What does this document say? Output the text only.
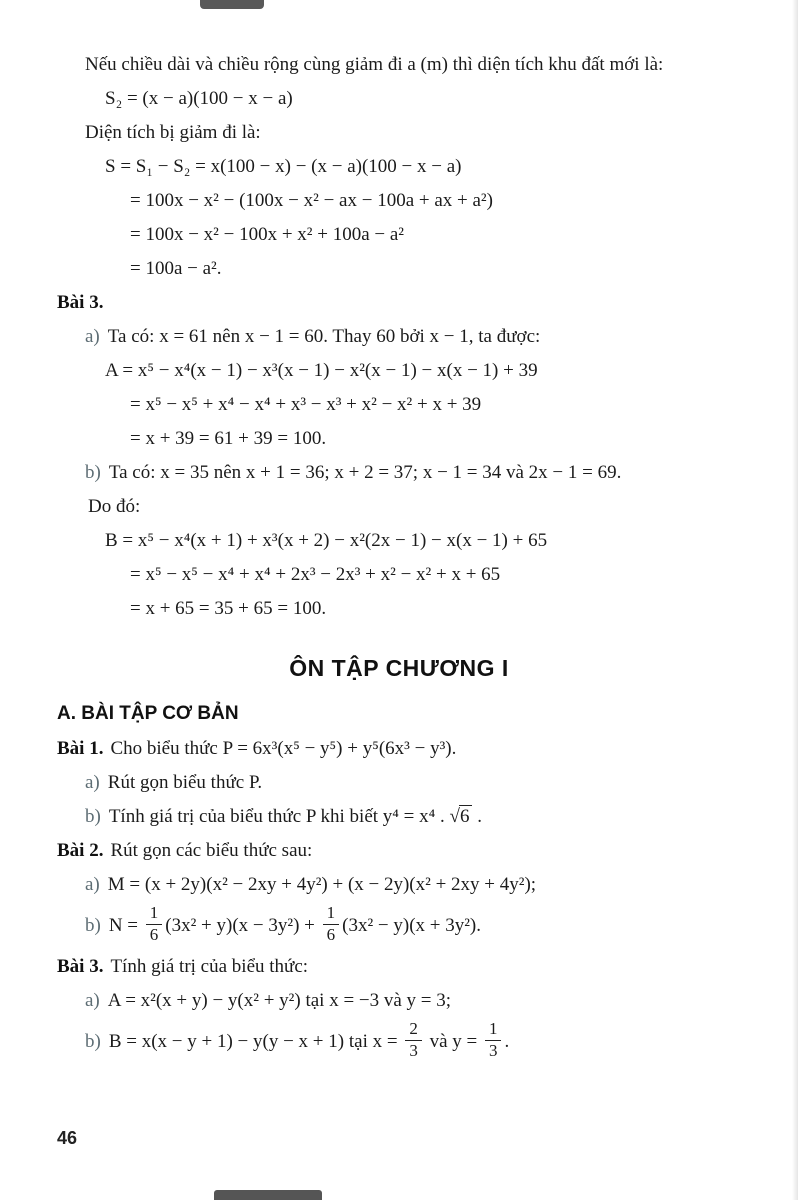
Nếu chiều dài và chiều rộng cùng giảm đi a (m) thì diện tích khu đất mới là:

S₂ = (x − a)(100 − x − a)

Diện tích bị giảm đi là:

S = S₁ − S₂ = x(100 − x) − (x − a)(100 − x − a)

= 100x − x² − (100x − x² − ax − 100a + ax + a²)

= 100x − x² − 100x + x² + 100a − a²

= 100a − a².

Bài 3.

a) Ta có: x = 61 nên x − 1 = 60. Thay 60 bởi x − 1, ta được:

A = x⁵ − x⁴(x − 1) − x³(x − 1) − x²(x − 1) − x(x − 1) + 39

= x⁵ − x⁵ + x⁴ − x⁴ + x³ − x³ + x² − x² + x + 39

= x + 39 = 61 + 39 = 100.

b) Ta có: x = 35 nên x + 1 = 36; x + 2 = 37; x − 1 = 34 và 2x − 1 = 69.

Do đó:

B = x⁵ − x⁴(x + 1) + x³(x + 2) − x²(2x − 1) − x(x − 1) + 65

= x⁵ − x⁵ − x⁴ + x⁴ + 2x³ − 2x³ + x² − x² + x + 65

= x + 65 = 35 + 65 = 100.

ÔN TẬP CHƯƠNG I
A. BÀI TẬP CƠ BẢN

Bài 1. Cho biểu thức P = 6x³(x⁵ − y⁵) + y⁵(6x³ − y³).

a) Rút gọn biểu thức P.

b) Tính giá trị của biểu thức P khi biết y⁴ = x⁴ . √6 .

Bài 2. Rút gọn các biểu thức sau:

a) M = (x + 2y)(x² − 2xy + 4y²) + (x − 2y)(x² + 2xy + 4y²);

b) $N = \frac{1}{6} (3x^2 + y)(x - 3y^2) + \frac{1}{6} (3x^2 - y)(x + 3y^2)$.

Bài 3. Tính giá trị của biểu thức:

a) A = x²(x + y) − y(x² + y²) tại x = −3 và y = 3;

b) B = x(x − y + 1) − y(y − x + 1) tại $x = \frac{2}{3}$ và $y = \frac{1}{3}$ .

46
